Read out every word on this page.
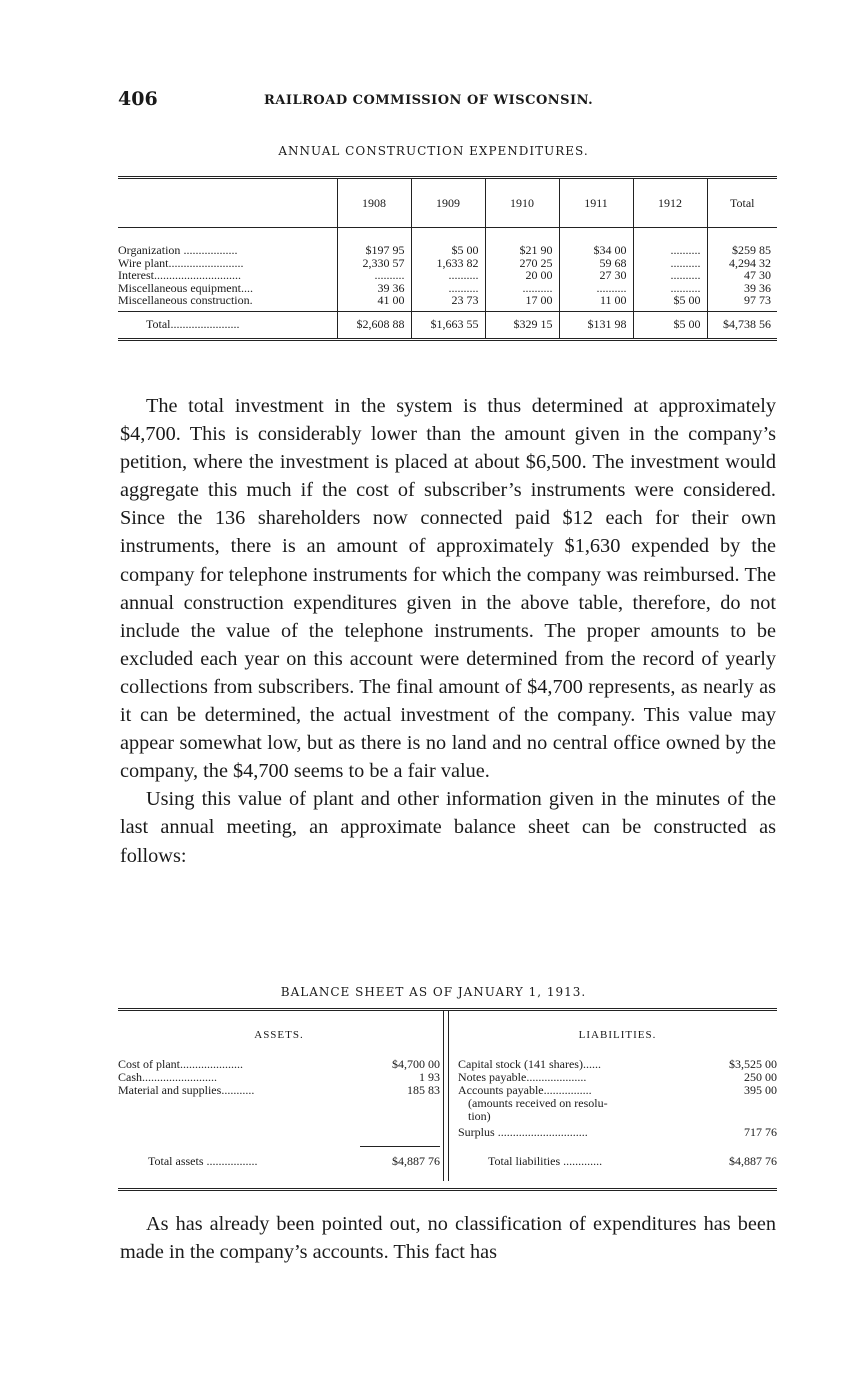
406	RAILROAD COMMISSION OF WISCONSIN.
ANNUAL CONSTRUCTION EXPENDITURES.
	1908	1909	1910	1911	1912	Total

Organization ..................	$197 95	$5 00	$21 90	$34 00	..........	$259 85
Wire plant.........................	2,330 57	1,633 82	270 25	59 68	..........	4,294 32
Interest.............................	..........	..........	20 00	27 30	..........	47 30
Miscellaneous equipment....	39 36	..........	..........	..........	..........	39 36
Miscellaneous construction.	41 00	23 73	17 00	11 00	$5 00	97 73
Total.......................	$2,608 88	$1,663 55	$329 15	$131 98	$5 00	$4,738 56

The total investment in the system is thus determined at approximately $4,700. This is considerably lower than the amount given in the company’s petition, where the investment is placed at about $6,500. The investment would aggregate this much if the cost of subscriber’s instruments were considered. Since the 136 shareholders now connected paid $12 each for their own instruments, there is an amount of approximately $1,630 expended by the company for telephone instruments for which the company was reimbursed. The annual construction expenditures given in the above table, therefore, do not include the value of the telephone instruments. The proper amounts to be excluded each year on this account were determined from the record of yearly collections from subscribers. The final amount of $4,700 represents, as nearly as it can be determined, the actual investment of the company. This value may appear somewhat low, but as there is no land and no central office owned by the company, the $4,700 seems to be a fair value.

Using this value of plant and other information given in the minutes of the last annual meeting, an approximate balance sheet can be constructed as follows:

BALANCE SHEET AS OF JANUARY 1, 1913.
ASSETS.
Cost of plant.....................	$4,700 00
Cash.........................	1 93
Material and supplies...........	185 83
Total assets .................	$4,887 76
LIABILITIES.
Capital stock (141 shares)......	$3,525 00
Notes payable....................	250 00
Accounts payable................	395 00
(amounts received on resolu-
tion)
Surplus ..............................	717 76
Total liabilities .............	$4,887 76

As has already been pointed out, no classification of expenditures has been made in the company’s accounts. This fact has
